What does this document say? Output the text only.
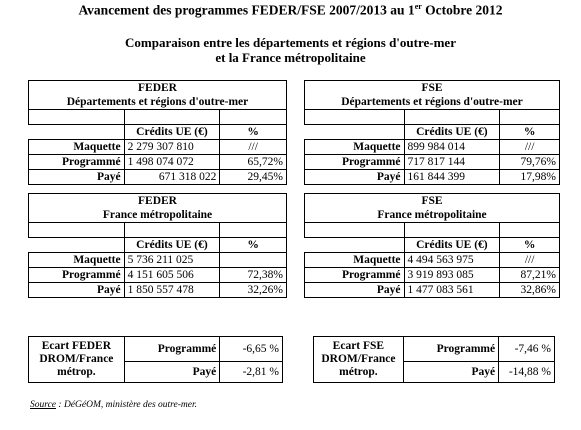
Avancement des programmes FEDER/FSE 2007/2013 au 1er Octobre 2012
Comparaison entre les départements et régions d'outre-mer
et la France métropolitaine
FEDER		
Départements et régions d'outre-mer		

	Crédits UE (€)	%
Maquette	2 279 307 810	///
Programmé	1 498 074 072	65,72%
Payé	671 318 022	29,45%
FSE		
Départements et régions d'outre-mer		

	Crédits UE (€)	%
Maquette	899 984 014	///
Programmé	717 817 144	79,76%
Payé	161 844 399	17,98%
FEDER		
France métropolitaine		

	Crédits UE (€)	%
Maquette	5 736 211 025	
Programmé	4 151 605 506	72,38%
Payé	1 850 557 478	32,26%
FSE		
France métropolitaine		

	Crédits UE (€)	%
Maquette	4 494 563 975	///
Programmé	3 919 893 085	87,21%
Payé	1 477 083 561	32,86%
Ecart FEDER
DROM/France
métrop.	Programmé	-6,65 %
	Payé	-2,81 %
Ecart FSE
DROM/France
métrop.	Programmé	-7,46 %
	Payé	-14,88 %
Source : DéGéOM, ministère des outre-mer.
